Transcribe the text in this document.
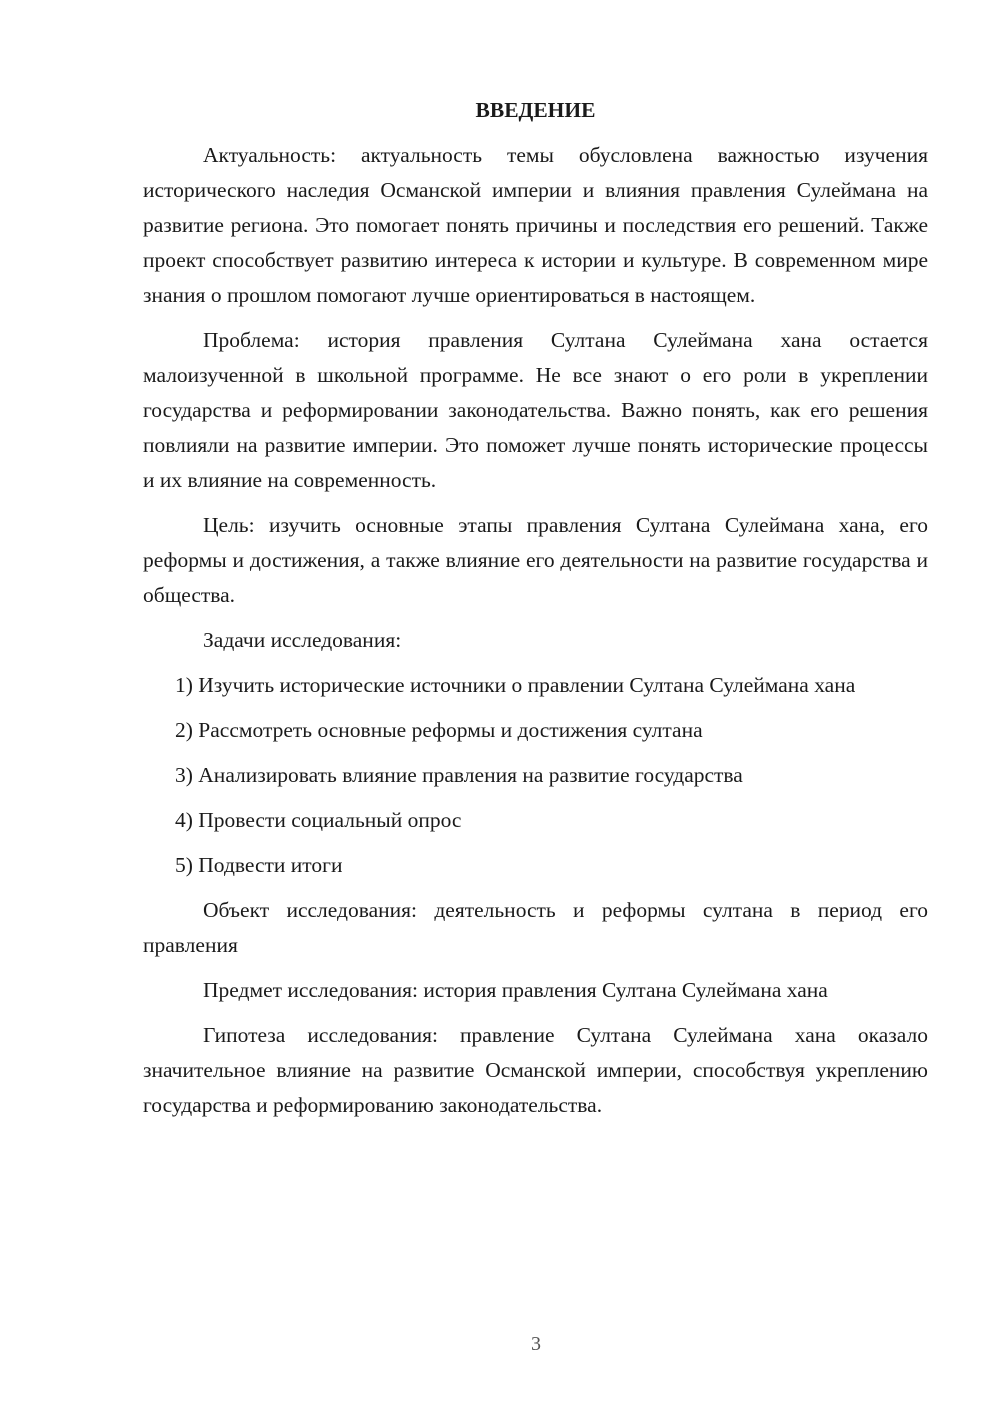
ВВЕДЕНИЕ

Актуальность: актуальность темы обусловлена важностью изучения исторического наследия Османской империи и влияния правления Сулеймана на развитие региона. Это помогает понять причины и последствия его решений. Также проект способствует развитию интереса к истории и культуре. В современном мире знания о прошлом помогают лучше ориентироваться в настоящем.

Проблема: история правления Султана Сулеймана хана остается малоизученной в школьной программе. Не все знают о его роли в укреплении государства и реформировании законодательства. Важно понять, как его решения повлияли на развитие империи. Это поможет лучше понять исторические процессы и их влияние на современность.

Цель: изучить основные этапы правления Султана Сулеймана хана, его реформы и достижения, а также влияние его деятельности на развитие государства и общества.

Задачи исследования:

1) Изучить исторические источники о правлении Султана Сулеймана хана

2) Рассмотреть основные реформы и достижения султана

3) Анализировать влияние правления на развитие государства

4) Провести социальный опрос

5) Подвести итоги

Объект исследования: деятельность и реформы султана в период его правления

Предмет исследования: история правления Султана Сулеймана хана

Гипотеза исследования: правление Султана Сулеймана хана оказало значительное влияние на развитие Османской империи, способствуя укреплению государства и реформированию законодательства.

3
